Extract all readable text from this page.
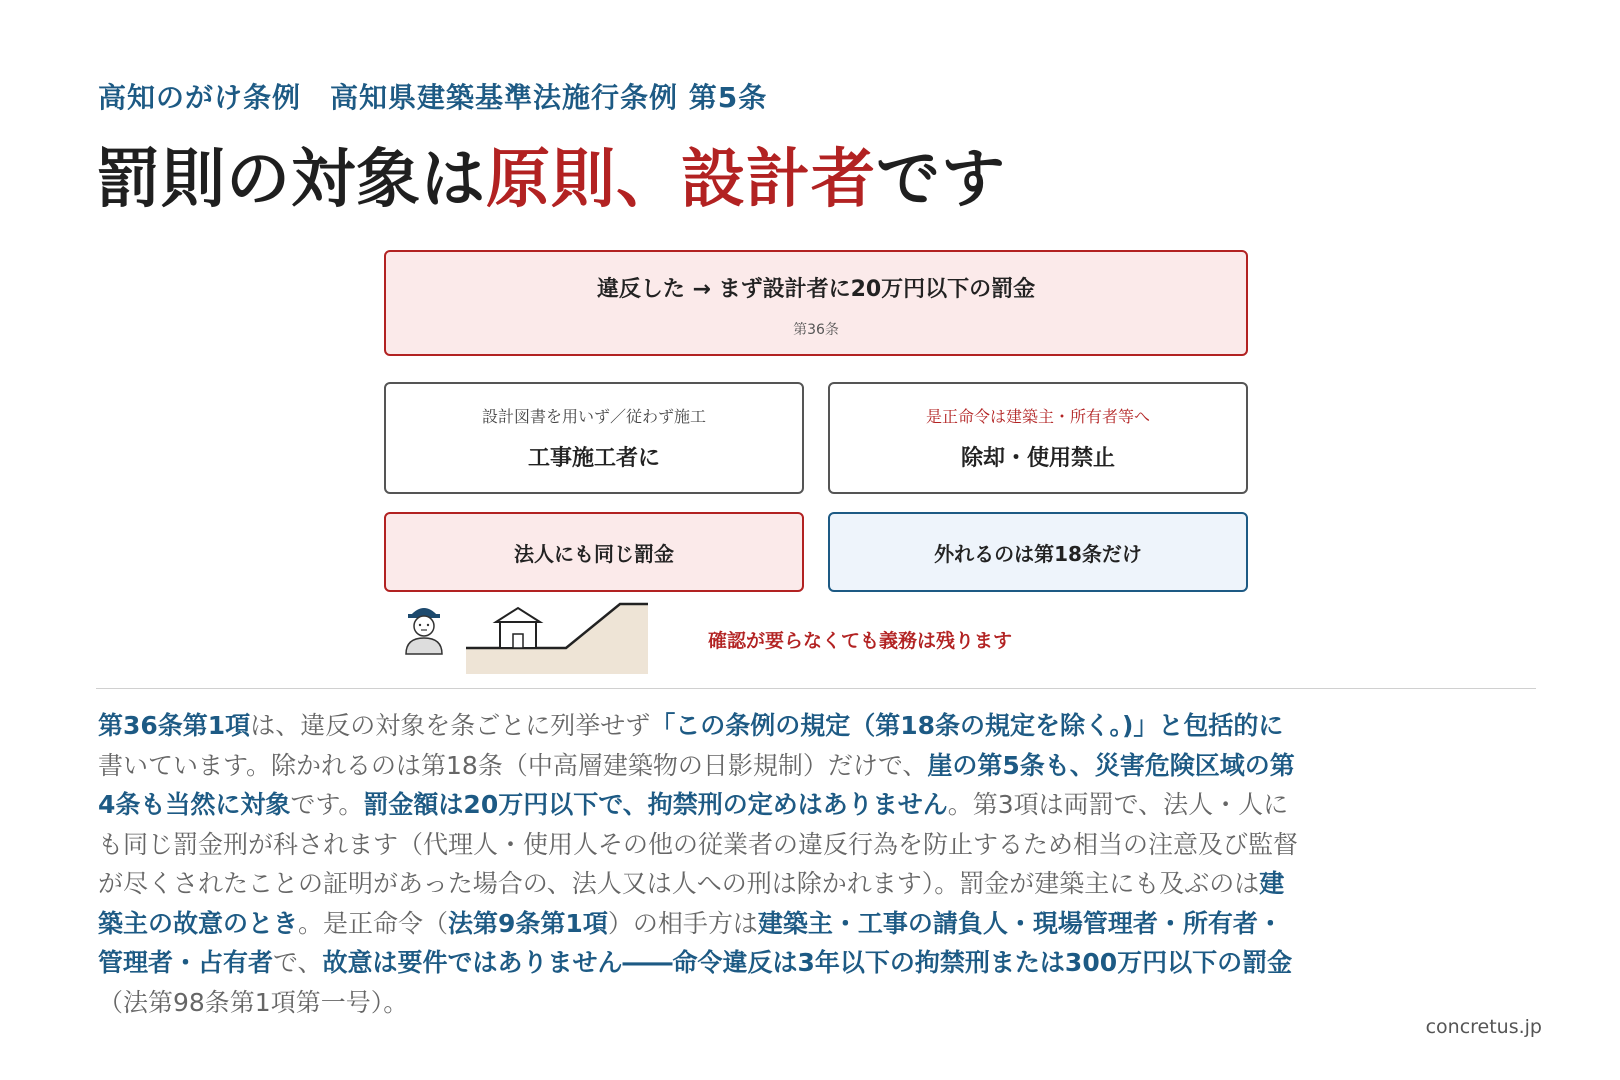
高知のがけ条例　高知県建築基準法施行条例 第5条
罰則の対象は原則、設計者です
違反した → まず設計者に20万円以下の罰金
第36条
設計図書を用いず／従わず施工
工事施工者に
是正命令は建築主・所有者等へ
除却・使用禁止
法人にも同じ罰金	外れるのは第18条だけ
確認が要らなくても義務は残ります

第36条第1項は、違反の対象を条ごとに列挙せず「この条例の規定（第18条の規定を除く。)」と包括的に書いています。除かれるのは第18条（中高層建築物の日影規制）だけで、崖の第5条も、災害危険区域の第4条も当然に対象です。罰金額は20万円以下で、拘禁刑の定めはありません。第3項は両罰で、法人・人にも同じ罰金刑が科されます（代理人・使用人その他の従業者の違反行為を防止するため相当の注意及び監督が尽くされたことの証明があった場合の、法人又は人への刑は除かれます）。罰金が建築主にも及ぶのは建築主の故意のとき。是正命令（法第9条第1項）の相手方は建築主・工事の請負人・現場管理者・所有者・管理者・占有者で、故意は要件ではありません――命令違反は3年以下の拘禁刑または300万円以下の罰金（法第98条第1項第一号）。

concretus.jp
